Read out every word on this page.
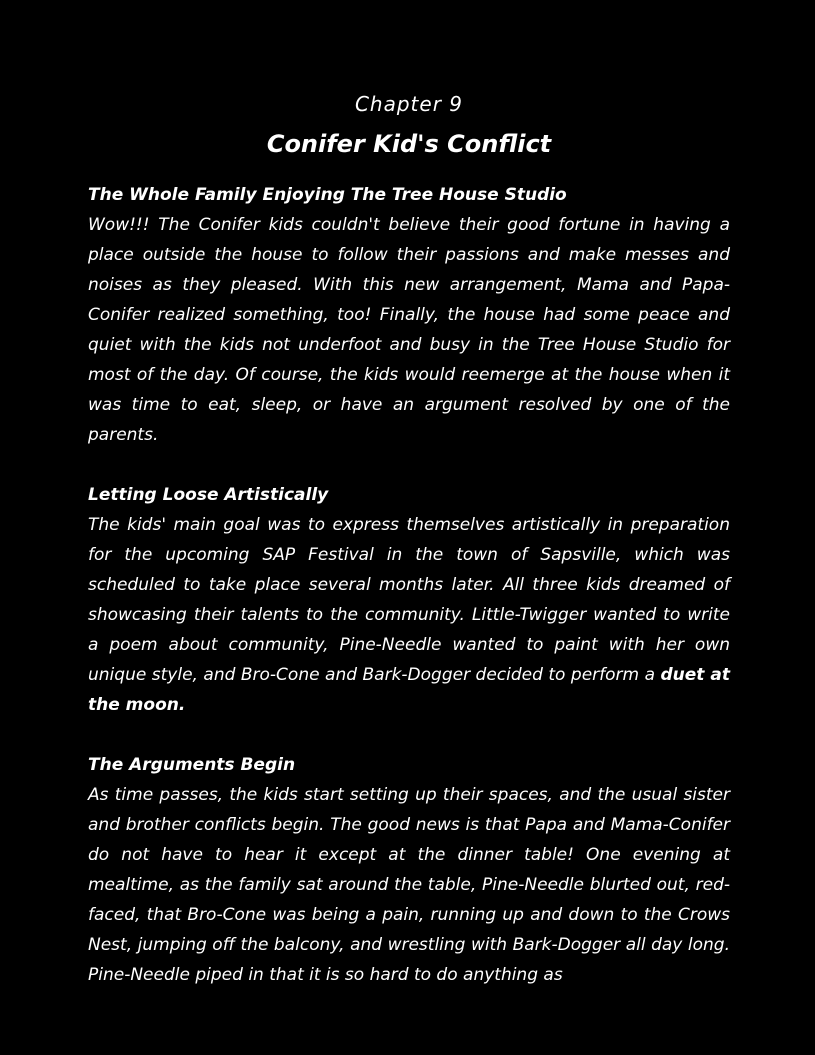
Chapter 9

Conifer Kid's Conflict
The Whole Family Enjoying The Tree House Studio

Wow!!! The Conifer kids couldn't believe their good fortune in having a place outside the house to follow their passions and make messes and noises as they pleased. With this new arrangement, Mama and Papa-Conifer realized something, too! Finally, the house had some peace and quiet with the kids not underfoot and busy in the Tree House Studio for most of the day. Of course, the kids would reemerge at the house when it was time to eat, sleep, or have an argument resolved by one of the parents.

Letting Loose Artistically

The kids' main goal was to express themselves artistically in preparation for the upcoming SAP Festival in the town of Sapsville, which was scheduled to take place several months later. All three kids dreamed of showcasing their talents to the community. Little-Twigger wanted to write a poem about community, Pine-Needle wanted to paint with her own unique style, and Bro-Cone and Bark-Dogger decided to perform a duet at the moon.

The Arguments Begin

As time passes, the kids start setting up their spaces, and the usual sister and brother conflicts begin. The good news is that Papa and Mama-Conifer do not have to hear it except at the dinner table! One evening at mealtime, as the family sat around the table, Pine-Needle blurted out, red-faced, that Bro-Cone was being a pain, running up and down to the Crows Nest, jumping off the balcony, and wrestling with Bark-Dogger all day long. Pine-Needle piped in that it is so hard to do anything as
